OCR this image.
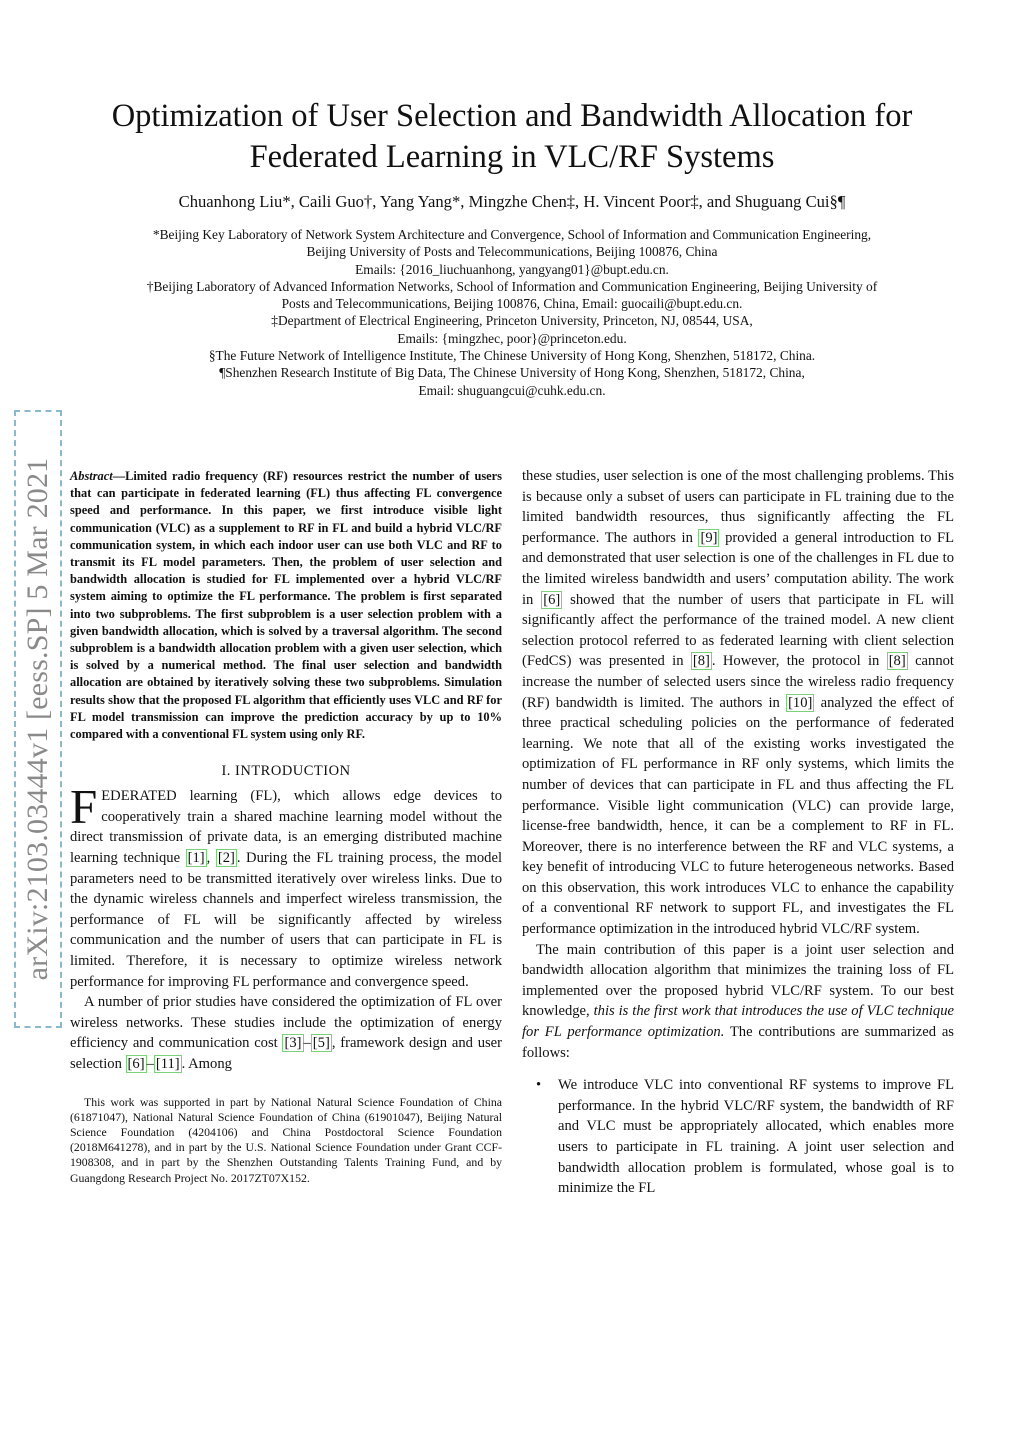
Optimization of User Selection and Bandwidth Allocation for
Federated Learning in VLC/RF Systems
Chuanhong Liu*, Caili Guo†, Yang Yang*, Mingzhe Chen‡, H. Vincent Poor‡, and Shuguang Cui§¶
*Beijing Key Laboratory of Network System Architecture and Convergence, School of Information and Communication Engineering,
Beijing University of Posts and Telecommunications, Beijing 100876, China
Emails: {2016_liuchuanhong, yangyang01}@bupt.edu.cn.
†Beijing Laboratory of Advanced Information Networks, School of Information and Communication Engineering, Beijing University of
Posts and Telecommunications, Beijing 100876, China, Email: guocaili@bupt.edu.cn.
‡Department of Electrical Engineering, Princeton University, Princeton, NJ, 08544, USA,
Emails: {mingzhec, poor}@princeton.edu.
§The Future Network of Intelligence Institute, The Chinese University of Hong Kong, Shenzhen, 518172, China.
¶Shenzhen Research Institute of Big Data, The Chinese University of Hong Kong, Shenzhen, 518172, China,
Email: shuguangcui@cuhk.edu.cn.
arXiv:2103.03444v1 [eess.SP] 5 Mar 2021 Abstract—Limited radio frequency (RF) resources restrict the number of users that can participate in federated learning (FL) thus affecting FL convergence speed and performance. In this paper, we first introduce visible light communication (VLC) as a supplement to RF in FL and build a hybrid VLC/RF communication system, in which each indoor user can use both VLC and RF to transmit its FL model parameters. Then, the problem of user selection and bandwidth allocation is studied for FL implemented over a hybrid VLC/RF system aiming to optimize the FL performance. The problem is first separated into two subproblems. The first subproblem is a user selection problem with a given bandwidth allocation, which is solved by a traversal algorithm. The second subproblem is a bandwidth allocation problem with a given user selection, which is solved by a numerical method. The final user selection and bandwidth allocation are obtained by iteratively solving these two subproblems. Simulation results show that the proposed FL algorithm that efficiently uses VLC and RF for FL model transmission can improve the prediction accuracy by up to 10% compared with a conventional FL system using only RF.

I. INTRODUCTION

FEDERATED learning (FL), which allows edge devices to cooperatively train a shared machine learning model without the direct transmission of private data, is an emerging distributed machine learning technique [1] , [2] . During the FL training process, the model parameters need to be transmitted iteratively over wireless links. Due to the dynamic wireless channels and imperfect wireless transmission, the performance of FL will be significantly affected by wireless communication and the number of users that can participate in FL is limited. Therefore, it is necessary to optimize wireless network performance for improving FL performance and convergence speed.

A number of prior studies have considered the optimization of FL over wireless networks. These studies include the optimization of energy efficiency and communication cost [3] – [5] , framework design and user selection [6] – [11] . Among

This work was supported in part by National Natural Science Foundation of China (61871047), National Natural Science Foundation of China (61901047), Beijing Natural Science Foundation (4204106) and China Postdoctoral Science Foundation (2018M641278), and in part by the U.S. National Science Foundation under Grant CCF-1908308, and in part by the Shenzhen Outstanding Talents Training Fund, and by Guangdong Research Project No. 2017ZT07X152.

these studies, user selection is one of the most challenging problems. This is because only a subset of users can participate in FL training due to the limited bandwidth resources, thus significantly affecting the FL performance. The authors in [9] provided a general introduction to FL and demonstrated that user selection is one of the challenges in FL due to the limited wireless bandwidth and users’ computation ability. The work in [6] showed that the number of users that participate in FL will significantly affect the performance of the trained model. A new client selection protocol referred to as federated learning with client selection (FedCS) was presented in [8] . However, the protocol in [8] cannot increase the number of selected users since the wireless radio frequency (RF) bandwidth is limited. The authors in [10] analyzed the effect of three practical scheduling policies on the performance of federated learning. We note that all of the existing works investigated the optimization of FL performance in RF only systems, which limits the number of devices that can participate in FL and thus affecting the FL performance. Visible light communication (VLC) can provide large, license-free bandwidth, hence, it can be a complement to RF in FL. Moreover, there is no interference between the RF and VLC systems, a key benefit of introducing VLC to future heterogeneous networks. Based on this observation, this work introduces VLC to enhance the capability of a conventional RF network to support FL, and investigates the FL performance optimization in the introduced hybrid VLC/RF system.

The main contribution of this paper is a joint user selection and bandwidth allocation algorithm that minimizes the training loss of FL implemented over the proposed hybrid VLC/RF system. To our best knowledge, this is the first work that introduces the use of VLC technique for FL performance optimization. The contributions are summarized as follows:

• We introduce VLC into conventional RF systems to improve FL performance. In the hybrid VLC/RF system, the bandwidth of RF and VLC must be appropriately allocated, which enables more users to participate in FL training. A joint user selection and bandwidth allocation problem is formulated, whose goal is to minimize the FL
